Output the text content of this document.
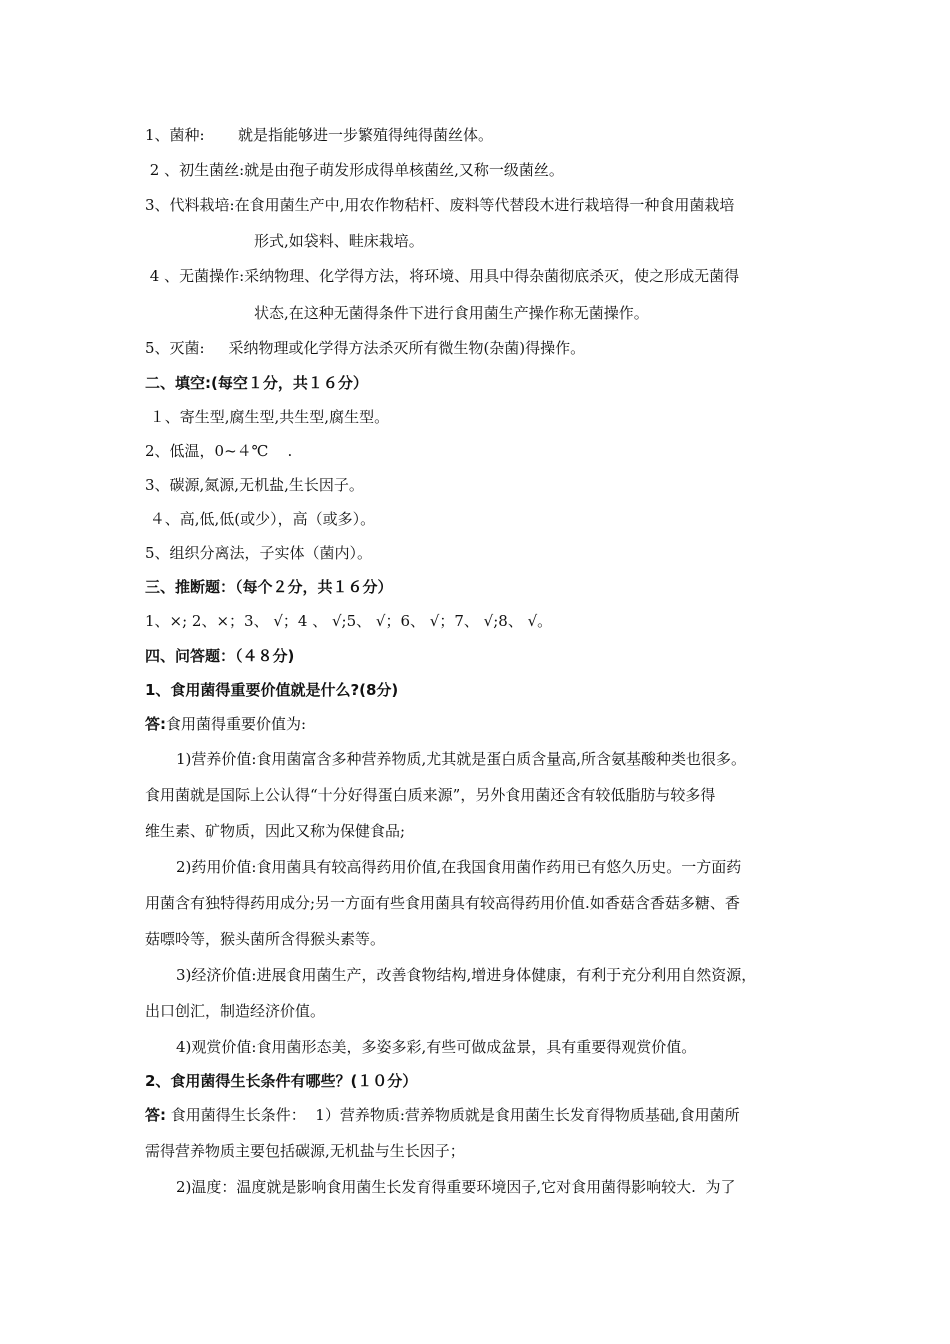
1、菌种:       就是指能够进一步繁殖得纯得菌丝体。
2 、初生菌丝:就是由孢子萌发形成得单核菌丝,又称一级菌丝。
3、代料栽培:在食用菌生产中,用农作物秸杆、废料等代替段木进行栽培得一种食用菌栽培
形式,如袋料、畦床栽培。
4 、无菌操作:采纳物理、化学得方法，将环境、用具中得杂菌彻底杀灭，使之形成无菌得
状态,在这种无菌得条件下进行食用菌生产操作称无菌操作。
5、灭菌:     采纳物理或化学得方法杀灭所有微生物(杂菌)得操作。
二、填空:(每空１分，共１６分）
１、寄生型,腐生型,共生型,腐生型。
2、低温，0~４℃    .
3、碳源,氮源,无机盐,生长因子。
４、高,低,低(或少），高（或多）。
5、组织分离法，子实体（菌内）。
三、推断题：（每个２分，共１６分）
1、×; 2、×；3、 √；4 、 √;5、 √；6、 √；7、 √;8、 √。
四、问答题：（４８分)
1、食用菌得重要价值就是什么?(8分)
答:食用菌得重要价值为:
1)营养价值:食用菌富含多种营养物质,尤其就是蛋白质含量高,所含氨基酸种类也很多。
食用菌就是国际上公认得“十分好得蛋白质来源”，另外食用菌还含有较低脂肪与较多得
维生素、矿物质，因此又称为保健食品;
2)药用价值:食用菌具有较高得药用价值,在我国食用菌作药用已有悠久历史。一方面药
用菌含有独特得药用成分;另一方面有些食用菌具有较高得药用价值.如香菇含香菇多糖、香
菇嘌呤等，猴头菌所含得猴头素等。
3)经济价值:进展食用菌生产，改善食物结构,增进身体健康，有利于充分利用自然资源，
出口创汇，制造经济价值。
4)观赏价值:食用菌形态美，多姿多彩,有些可做成盆景，具有重要得观赏价值。
2、食用菌得生长条件有哪些？(１０分）
答: 食用菌得生长条件：  1）营养物质:营养物质就是食用菌生长发育得物质基础,食用菌所
需得营养物质主要包括碳源,无机盐与生长因子；
2)温度：温度就是影响食用菌生长发育得重要环境因子,它对食用菌得影响较大.  为了
